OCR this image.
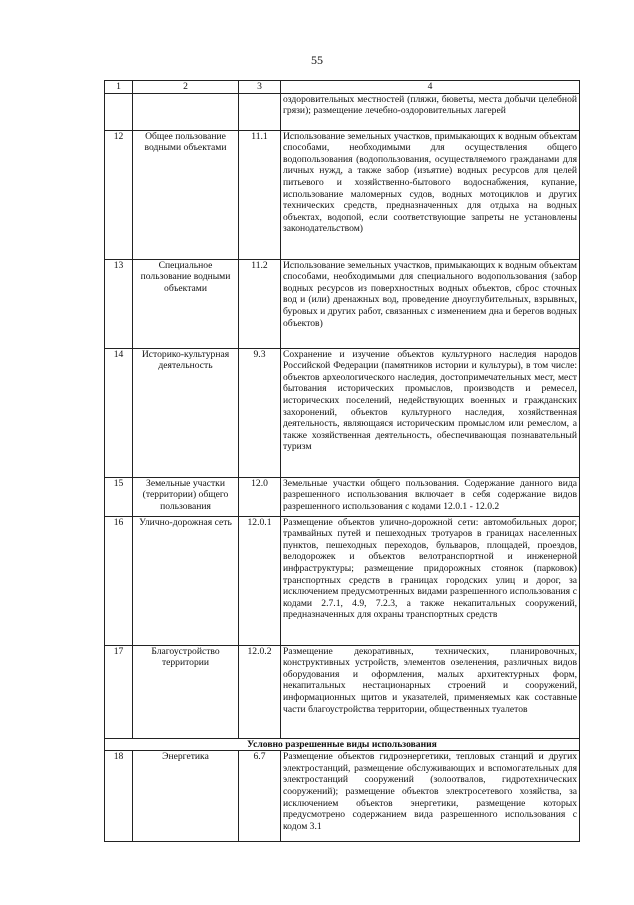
55
1	2	3	4
			оздоровительных местностей (пляжи, бюветы, места добычи целебной грязи); размещение лечебно-оздоровительных лагерей
12	Общее пользование водными объектами	11.1	Использование земельных участков, примыкающих к водным объектам способами, необходимыми для осуществления общего водопользования (водопользования, осуществляемого гражданами для личных нужд, а также забор (изъятие) водных ресурсов для целей питьевого и хозяйственно-бытового водоснабжения, купание, использование маломерных судов, водных мотоциклов и других технических средств, предназначенных для отдыха на водных объектах, водопой, если соответствующие запреты не установлены законодательством)
13	Специальное пользование водными объектами	11.2	Использование земельных участков, примыкающих к водным объектам способами, необходимыми для специального водопользования (забор водных ресурсов из поверхностных водных объектов, сброс сточных вод и (или) дренажных вод, проведение дноуглубительных, взрывных, буровых и других работ, связанных с изменением дна и берегов водных объектов)
14	Историко-культурная деятельность	9.3	Сохранение и изучение объектов культурного наследия народов Российской Федерации (памятников истории и культуры), в том числе: объектов археологического наследия, достопримечательных мест, мест бытования исторических промыслов, производств и ремесел, исторических поселений, недействующих военных и гражданских захоронений, объектов культурного наследия, хозяйственная деятельность, являющаяся историческим промыслом или ремеслом, а также хозяйственная деятельность, обеспечивающая познавательный туризм
15	Земельные участки (территории) общего пользования	12.0	Земельные участки общего пользования. Содержание данного вида разрешенного использования включает в себя содержание видов разрешенного использования с кодами 12.0.1 - 12.0.2
16	Улично-дорожная сеть	12.0.1	Размещение объектов улично-дорожной сети: автомобильных дорог, трамвайных путей и пешеходных тротуаров в границах населенных пунктов, пешеходных переходов, бульваров, площадей, проездов, велодорожек и объектов велотранспортной и инженерной инфраструктуры; размещение придорожных стоянок (парковок) транспортных средств в границах городских улиц и дорог, за исключением предусмотренных видами разрешенного использования с кодами 2.7.1, 4.9, 7.2.3, а также некапитальных сооружений, предназначенных для охраны транспортных средств
17	Благоустройство территории	12.0.2	Размещение декоративных, технических, планировочных, конструктивных устройств, элементов озеленения, различных видов оборудования и оформления, малых архитектурных форм, некапитальных нестационарных строений и сооружений, информационных щитов и указателей, применяемых как составные части благоустройства территории, общественных туалетов
Условно разрешенные виды использования			
18	Энергетика	6.7	Размещение объектов гидроэнергетики, тепловых станций и других электростанций, размещение обслуживающих и вспомогательных для электростанций сооружений (золоотвалов, гидротехнических сооружений); размещение объектов электросетевого хозяйства, за исключением объектов энергетики, размещение которых предусмотрено содержанием вида разрешенного использования с кодом 3.1
